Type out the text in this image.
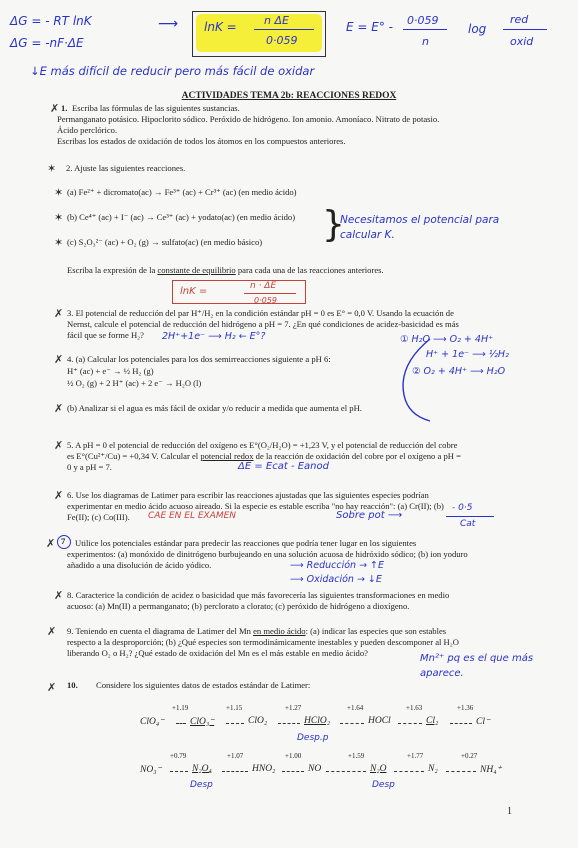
ΔG = - RT lnK
ΔG = -nF·ΔE
⟶ lnK = n ΔE
0·059
E = E° - 0·059
n
log
red
oxid
↓E más difícil de reducir pero más fácil de oxidar
ACTIVIDADES TEMA 2b: REACCIONES REDOX
✗ 1. Escriba las fórmulas de las siguientes sustancias.
Permanganato potásico. Hipoclorito sódico. Peróxido de hidrógeno. Ion amonio. Amoníaco. Nitrato de potasio.
Ácido perclórico.
Escribas los estados de oxidación de todos los átomos en los compuestos anteriores.
✶ 2. Ajuste las siguientes reacciones.
✶ (a) Fe²⁺ + dicromato(ac) → Fe³⁺ (ac) + Cr³⁺ (ac) (en medio ácido)
✶ (b) Ce⁴⁺ (ac) + I⁻ (ac) → Ce³⁺ (ac) + yodato(ac) (en medio ácido)
✶ (c) S₂O₃²⁻ (ac) + O₂ (g) → sulfato(ac) (en medio básico) }
Necesitamos el potencial para calcular K.
Escriba la expresión de la constante de equilibrio para cada una de las reacciones anteriores.
lnK =	n · ΔE
0·059
✗ 3. El potencial de reducción del par H⁺/H₂ en la condición estándar pH = 0 es E° = 0,0 V. Usando la ecuación de
Nernst, calcule el potencial de reducción del hidrógeno a pH = 7. ¿En qué condiciones de acidez-basicidad es más
fácil que se forme H₂? 2H⁺+1e⁻ ⟶ H₂ ← E°?
✗ 4. (a) Calcular los potenciales para los dos semirreacciones siguiente a pH 6:
H⁺ (ac) + e⁻ → ½ H₂ (g)
½ O₂ (g) + 2 H⁺ (ac) + 2 e⁻ → H₂O (l)
✗ (b) Analizar si el agua es más fácil de oxidar y/o reducir a medida que aumenta el pH.
① H₂O ⟶ O₂ + 4H⁺
H⁺ + 1e⁻ ⟶ ½H₂
② O₂ + 4H⁺ ⟶ H₂O
✗ 5. A pH = 0 el potencial de reducción del oxígeno es E°(O₂/H₂O) = +1,23 V, y el potencial de reducción del cobre
es E°(Cu²⁺/Cu) = +0,34 V. Calcular el potencial redox de la reacción de oxidación del cobre por el oxígeno a pH =
0 y a pH = 7.	ΔE = Ecat - Eanod
✗ 6. Use los diagramas de Latimer para escribir las reacciones ajustadas que las siguientes especies podrían
experimentar en medio ácido acuoso aireado. Si la especie es estable escriba "no hay reacción": (a) Cr(II); (b)
Fe(II); (c) Co(III). CAE EN EL EXAMEN	Sobre pot ⟶
- 0·5
Cat
✗ 7 Utilice los potenciales estándar para predecir las reacciones que podría tener lugar en los siguientes
experimentos: (a) monóxido de dinitrógeno burbujeando en una solución acuosa de hidróxido sódico; (b) ion yoduro
añadido a una disolución de ácido yódico.	⟶ Reducción → ↑E
⟶ Oxidación → ↓E
✗ 8. Caracterice la condición de acidez o basicidad que más favorecería las siguientes transformaciones en medio
acuoso: (a) Mn(II) a permanganato; (b) perclorato a clorato; (c) peróxido de hidrógeno a dioxígeno.
✗ 9. Teniendo en cuenta el diagrama de Latimer del Mn en medio ácido: (a) indicar las especies que son estables
respecto a la desproporción; (b) ¿Qué especies son termodinámicamente inestables y pueden descomponer al H₂O
liberando O₂ o H₂? ¿Qué estado de oxidación del Mn es el más estable en medio ácido?	Mn²⁺ pq es el que más aparece.
✗ 10. Considere los siguientes datos de estados estándar de Latimer:
+1.19	+1.15	+1.27	+1.64	+1.63	+1.36
ClO₄⁻	ClO₃⁻	ClO₂	HClO₂	HOCl	Cl₂	Cl⁻
+0.79	+1.07	+1.00	+1.59	+1.77	+0.27
NO₃⁻	N₂O₄	HNO₂	NO	N₂O	N₂	NH₄⁺
Desp.p
Desp	Desp
1
